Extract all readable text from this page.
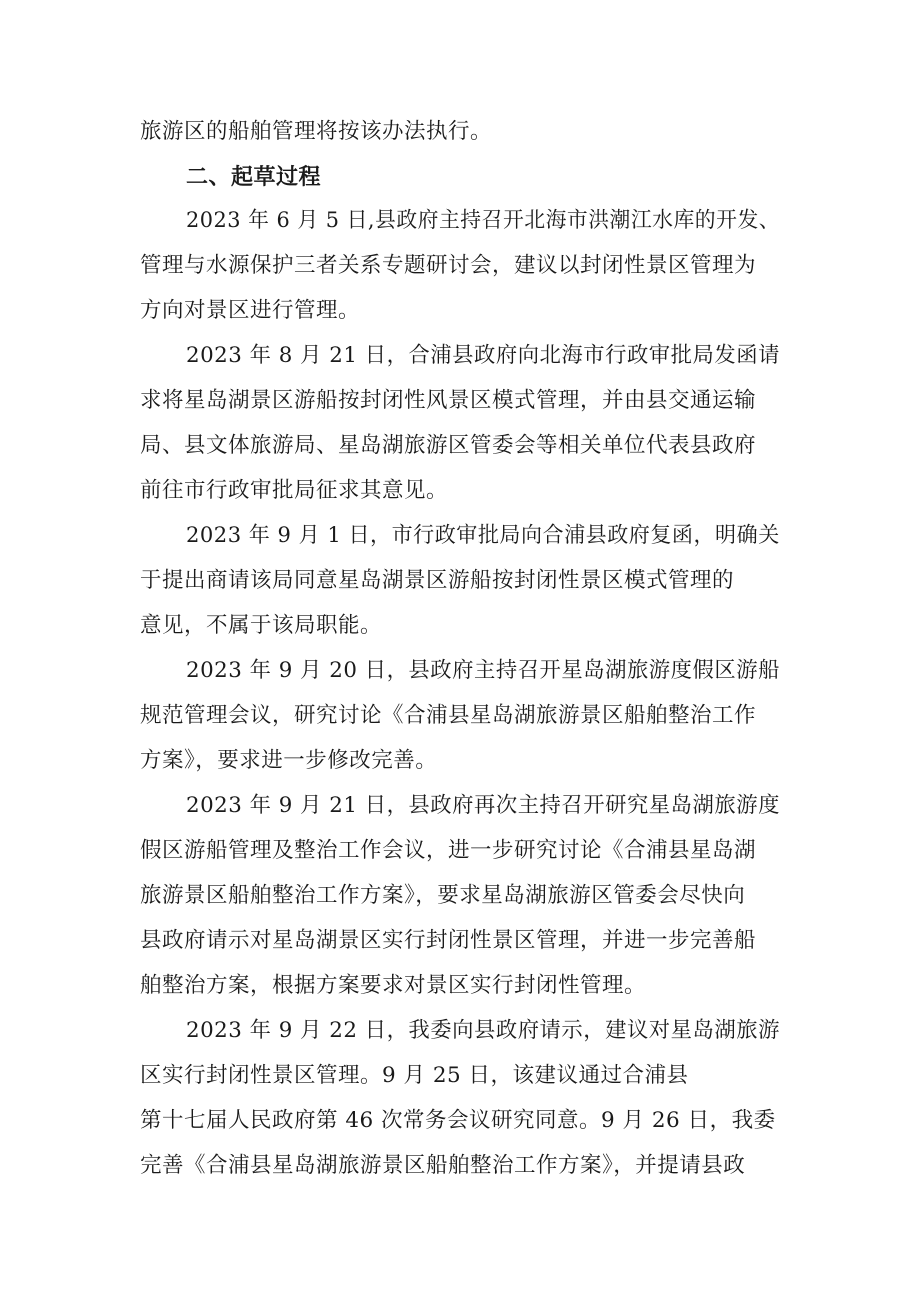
旅游区的船舶管理将按该办法执行。
二、起草过程
2023 年 6 月 5 日,县政府主持召开北海市洪潮江水库的开发、
管理与水源保护三者关系专题研讨会，建议以封闭性景区管理为
方向对景区进行管理。
2023 年 8 月 21 日，合浦县政府向北海市行政审批局发函请
求将星岛湖景区游船按封闭性风景区模式管理，并由县交通运输
局、县文体旅游局、星岛湖旅游区管委会等相关单位代表县政府
前往市行政审批局征求其意见。
2023 年 9 月 1 日，市行政审批局向合浦县政府复函，明确关
于提出商请该局同意星岛湖景区游船按封闭性景区模式管理的
意见，不属于该局职能。
2023 年 9 月 20 日，县政府主持召开星岛湖旅游度假区游船
规范管理会议，研究讨论《合浦县星岛湖旅游景区船舶整治工作
方案》，要求进一步修改完善。
2023 年 9 月 21 日，县政府再次主持召开研究星岛湖旅游度
假区游船管理及整治工作会议，进一步研究讨论《合浦县星岛湖
旅游景区船舶整治工作方案》，要求星岛湖旅游区管委会尽快向
县政府请示对星岛湖景区实行封闭性景区管理，并进一步完善船
舶整治方案，根据方案要求对景区实行封闭性管理。
2023 年 9 月 22 日，我委向县政府请示，建议对星岛湖旅游
区实行封闭性景区管理。9 月 25 日，该建议通过合浦县
第十七届人民政府第 46 次常务会议研究同意。9 月 26 日，我委
完善《合浦县星岛湖旅游景区船舶整治工作方案》，并提请县政
